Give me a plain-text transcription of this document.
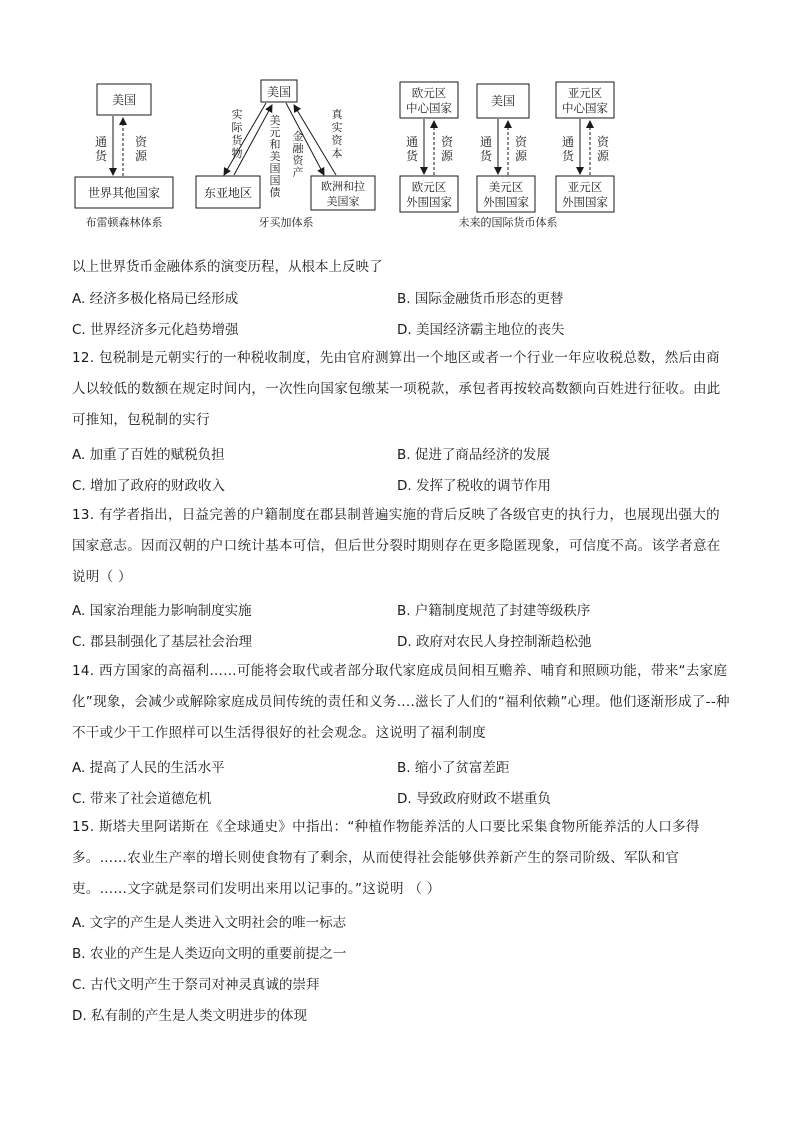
美国
世界其他国家
通
货
资
源
布雷顿森林体系
美国
东亚地区	欧洲和拉
美国家
实
际
货
物
美
元
和
美
国
国
债
金
融
资
产
真
实
资
本
牙买加体系
欧元区
中心国家
欧元区
外围国家
通
货
资
源
美国
美元区
外围国家
通
货
资
源
亚元区
中心国家
亚元区
外围国家
通
货
资
源
未来的国际货币体系
以上世界货币金融体系的演变历程，从根本上反映了
A. 经济多极化格局已经形成	B. 国际金融货币形态的更替
C. 世界经济多元化趋势增强	D. 美国经济霸主地位的丧失
12. 包税制是元朝实行的一种税收制度，先由官府测算出一个地区或者一个行业一年应收税总数，然后由商人以较低的数额在规定时间内，一次性向国家包缴某一项税款，承包者再按较高数额向百姓进行征收。由此可推知，包税制的实行
A. 加重了百姓的赋税负担	B. 促进了商品经济的发展
C. 增加了政府的财政收入	D. 发挥了税收的调节作用
13. 有学者指出，日益完善的户籍制度在郡县制普遍实施的背后反映了各级官吏的执行力，也展现出强大的国家意志。因而汉朝的户口统计基本可信，但后世分裂时期则存在更多隐匿现象，可信度不高。该学者意在说明（ ）
A. 国家治理能力影响制度实施	B. 户籍制度规范了封建等级秩序
C. 郡县制强化了基层社会治理	D. 政府对农民人身控制渐趋松弛
14. 西方国家的高福利……可能将会取代或者部分取代家庭成员间相互赡养、哺育和照顾功能，带来“去家庭化”现象，会减少或解除家庭成员间传统的责任和义务....滋长了人们的“福利依赖”心理。他们逐渐形成了--种不干或少干工作照样可以生活得很好的社会观念。这说明了福利制度
A. 提高了人民的生活水平	B. 缩小了贫富差距
C. 带来了社会道德危机	D. 导致政府财政不堪重负
15. 斯塔夫里阿诺斯在《全球通史》中指出：“种植作物能养活的人口要比采集食物所能养活的人口多得多。……农业生产率的增长则使食物有了剩余，从而使得社会能够供养新产生的祭司阶级、军队和官吏。……文字就是祭司们发明出来用以记事的。”这说明 （ ）
A. 文字的产生是人类进入文明社会的唯一标志
B. 农业的产生是人类迈向文明的重要前提之一
C. 古代文明产生于祭司对神灵真诚的崇拜
D. 私有制的产生是人类文明进步的体现
